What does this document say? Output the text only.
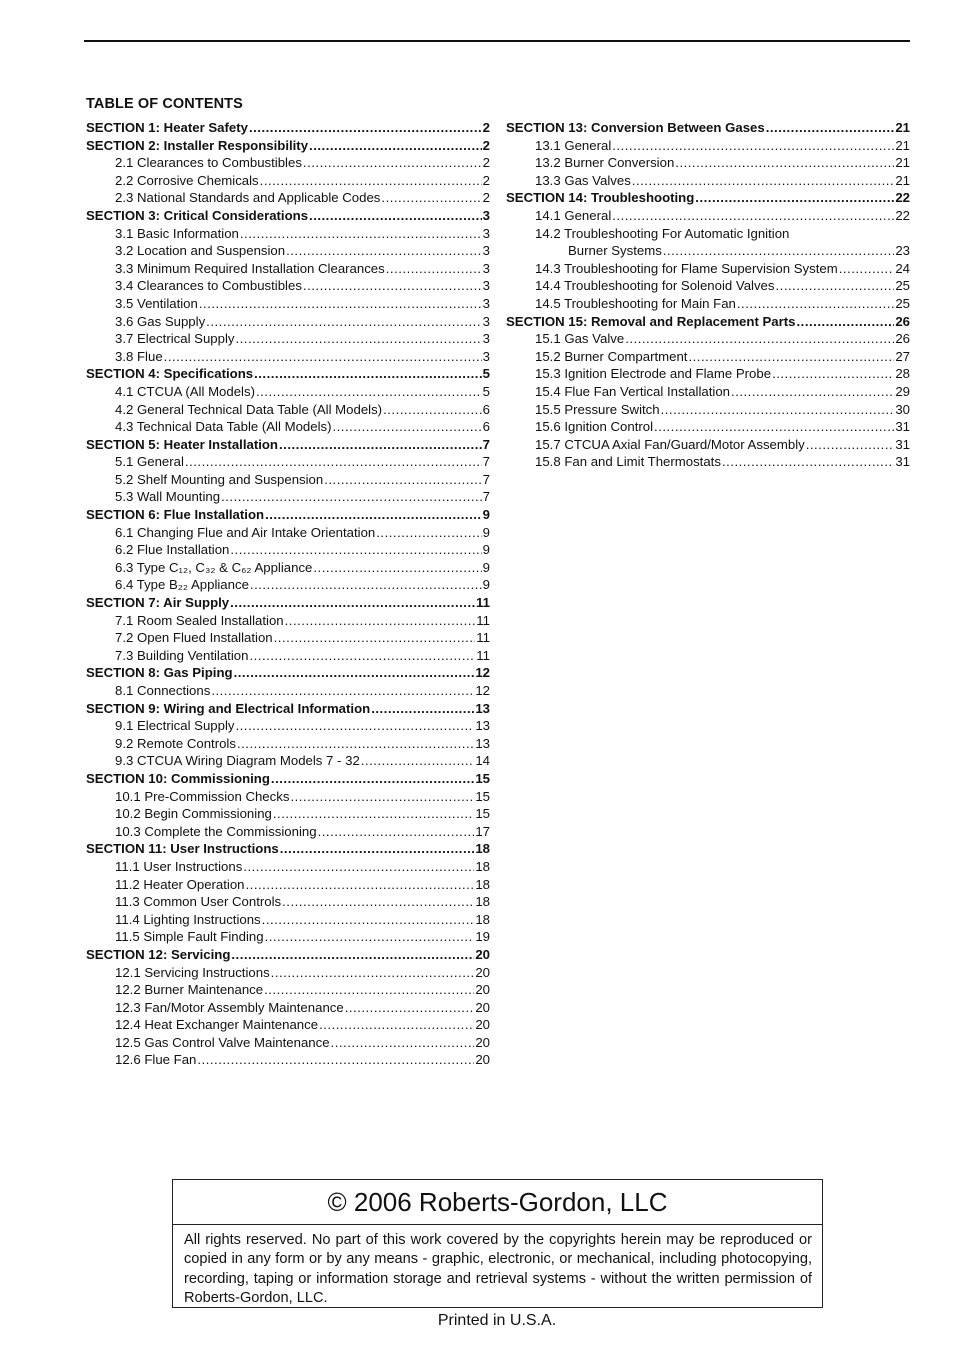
TABLE OF CONTENTS
SECTION 1: Heater Safety .....	2
SECTION 2: Installer Responsibility .....	2
2.1 Clearances to Combustibles .....	2
2.2 Corrosive Chemicals .....	2
2.3 National Standards and Applicable Codes .....	2
SECTION 3: Critical Considerations .....	3
3.1 Basic Information .....	3
3.2 Location and Suspension .....	3
3.3 Minimum Required Installation Clearances .....	3
3.4 Clearances to Combustibles .....	3
3.5 Ventilation .....	3
3.6 Gas Supply .....	3
3.7 Electrical Supply .....	3
3.8 Flue .....	3
SECTION 4: Specifications .....	5
4.1 CTCUA (All Models) .....	5
4.2 General Technical Data Table (All Models) .....	6
4.3 Technical Data Table (All Models) .....	6
SECTION 5: Heater Installation .....	7
5.1 General .....	7
5.2 Shelf Mounting and Suspension .....	7
5.3 Wall Mounting .....	7
SECTION 6: Flue Installation .....	9
6.1 Changing Flue and Air Intake Orientation .....	9
6.2 Flue Installation .....	9
6.3 Type C₁₂, C₃₂ & C₆₂ Appliance .....	9
6.4 Type B₂₂ Appliance .....	9
SECTION 7: Air Supply .....	11
7.1 Room Sealed Installation .....	11
7.2 Open Flued Installation .....	11
7.3 Building Ventilation .....	11
SECTION 8: Gas Piping .....	12
8.1 Connections .....	12
SECTION 9: Wiring and Electrical Information .....	13
9.1 Electrical Supply .....	13
9.2 Remote Controls .....	13
9.3 CTCUA Wiring Diagram Models 7 - 32 .....	14
SECTION 10: Commissioning .....	15
10.1 Pre-Commission Checks .....	15
10.2 Begin Commissioning .....	15
10.3 Complete the Commissioning .....	17
SECTION 11: User Instructions .....	18
11.1 User Instructions .....	18
11.2 Heater Operation .....	18
11.3 Common User Controls .....	18
11.4 Lighting Instructions .....	18
11.5 Simple Fault Finding .....	19
SECTION 12: Servicing .....	20
12.1 Servicing Instructions .....	20
12.2 Burner Maintenance .....	20
12.3 Fan/Motor Assembly Maintenance .....	20
12.4 Heat Exchanger Maintenance .....	20
12.5 Gas Control Valve Maintenance .....	20
12.6 Flue Fan .....	20
SECTION 13: Conversion Between Gases .....	21
13.1 General .....	21
13.2 Burner Conversion .....	21
13.3 Gas Valves .....	21
SECTION 14: Troubleshooting .....	22
14.1 General .....	22
14.2 Troubleshooting For Automatic Ignition
Burner Systems .....	23
14.3 Troubleshooting for Flame Supervision System .....	24
14.4 Troubleshooting for Solenoid Valves .....	25
14.5 Troubleshooting for Main Fan .....	25
SECTION 15: Removal and Replacement Parts .....	26
15.1 Gas Valve .....	26
15.2 Burner Compartment .....	27
15.3 Ignition Electrode and Flame Probe .....	28
15.4 Flue Fan Vertical Installation .....	29
15.5 Pressure Switch .....	30
15.6 Ignition Control .....	31
15.7 CTCUA Axial Fan/Guard/Motor Assembly .....	31
15.8 Fan and Limit Thermostats .....	31
© 2006 Roberts-Gordon, LLC
All rights reserved. No part of this work covered by the copyrights herein may be reproduced or copied in any form or by any means - graphic, electronic, or mechanical, including photocopying, recording, taping or information storage and retrieval systems - without the written permission of Roberts-Gordon, LLC.
Printed in U.S.A.
